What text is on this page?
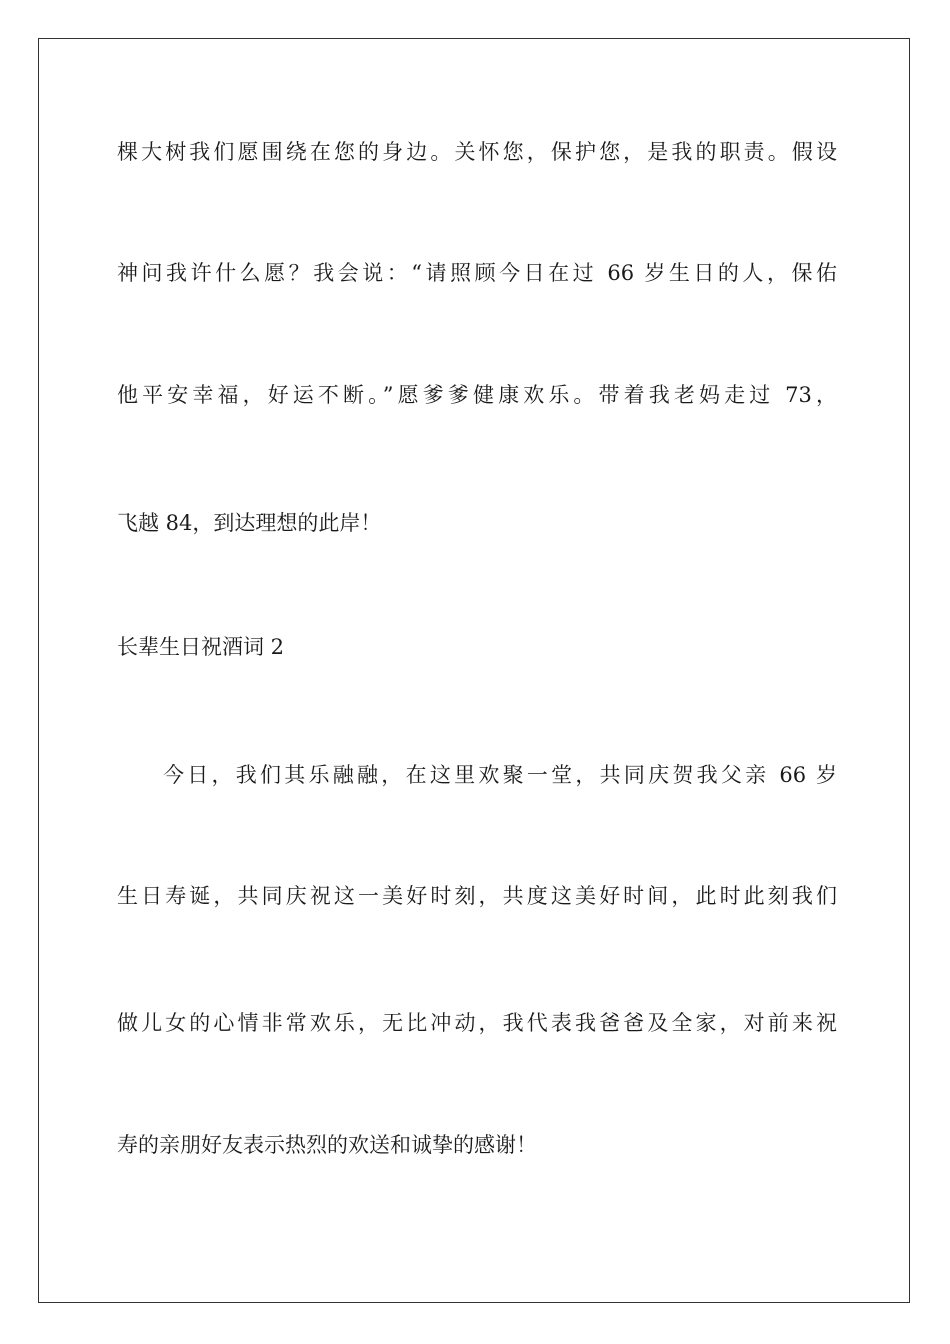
棵大树我们愿围绕在您的身边。关怀您，保护您，是我的职责。假设

神问我许什么愿？我会说：“请照顾今日在过 66 岁生日的人，保佑

他平安幸福，好运不断。”愿爹爹健康欢乐。带着我老妈走过 73，

飞越 84，到达理想的此岸！

长辈生日祝酒词 2

今日，我们其乐融融，在这里欢聚一堂，共同庆贺我父亲 66 岁

生日寿诞，共同庆祝这一美好时刻，共度这美好时间，此时此刻我们

做儿女的心情非常欢乐，无比冲动，我代表我爸爸及全家，对前来祝

寿的亲朋好友表示热烈的欢送和诚挚的感谢！
